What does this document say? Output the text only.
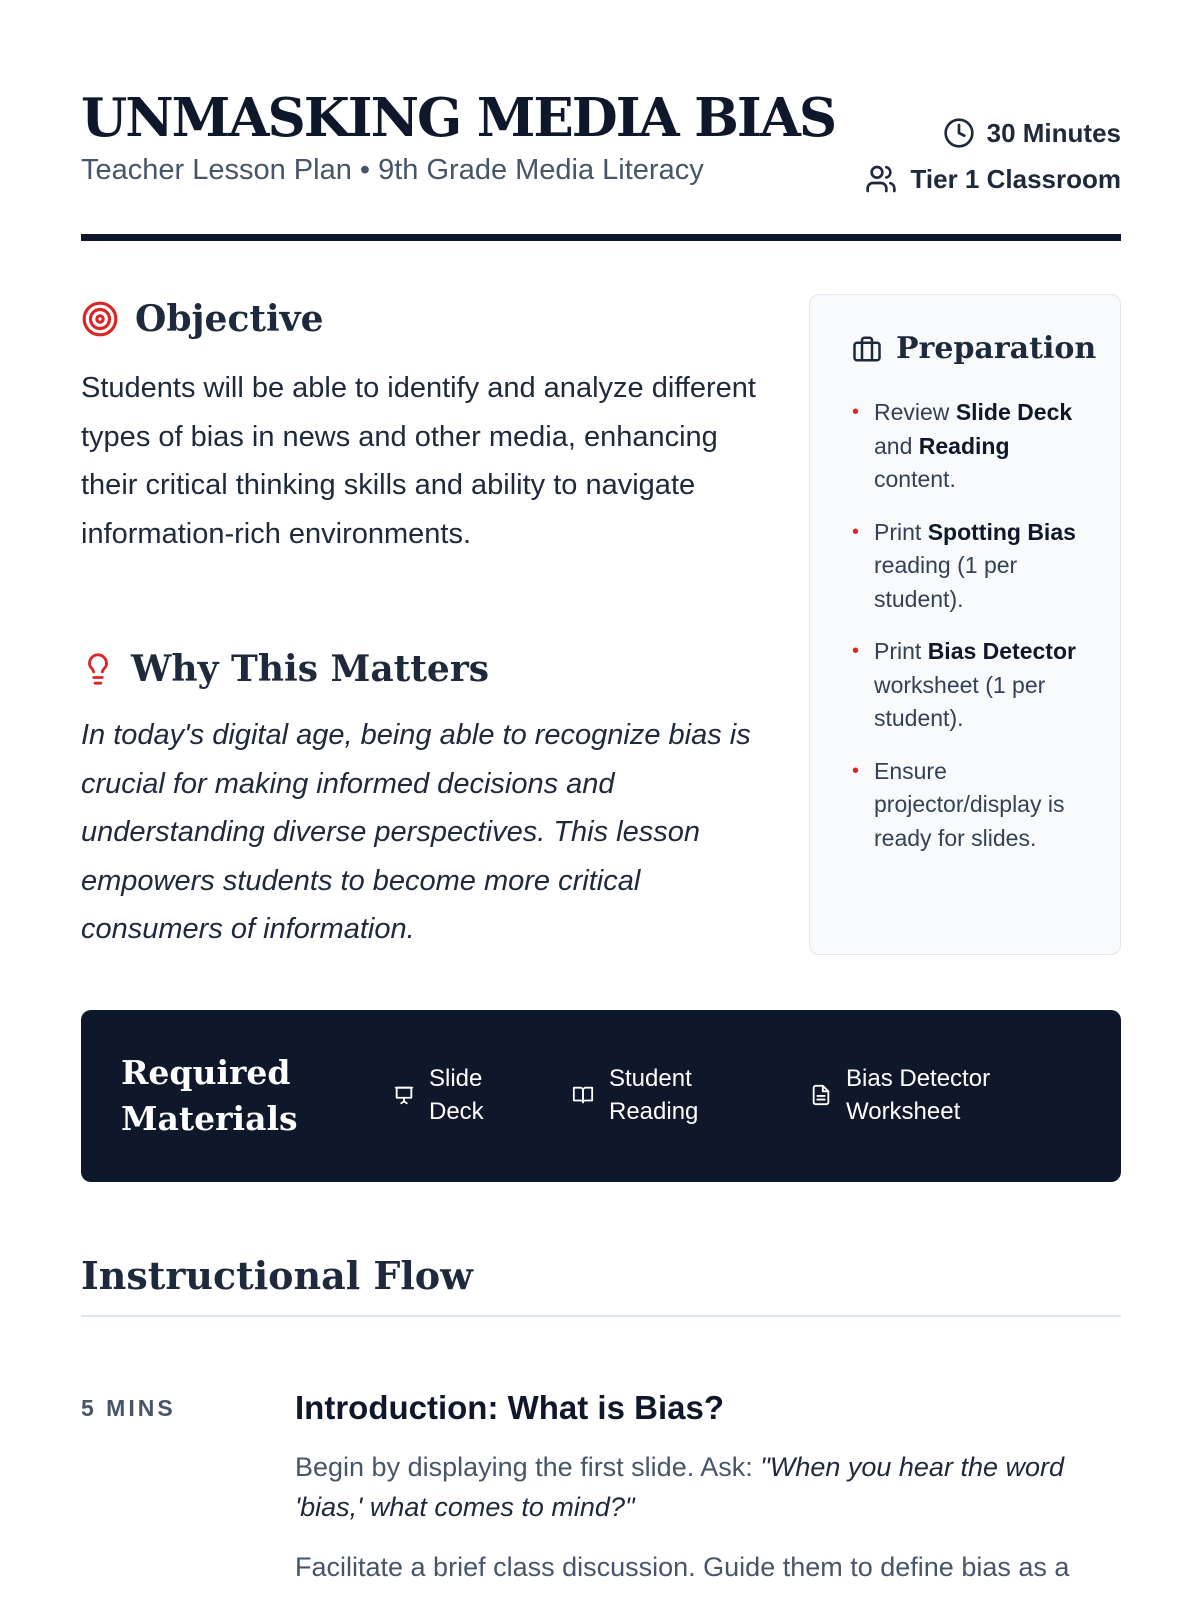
UNMASKING MEDIA BIAS
Teacher Lesson Plan • 9th Grade Media Literacy
30 Minutes
Tier 1 Classroom
Objective

Students will be able to identify and analyze different types of bias in news and other media, enhancing their critical thinking skills and ability to navigate information-rich environments.

Why This Matters

In today's digital age, being able to recognize bias is crucial for making informed decisions and understanding diverse perspectives. This lesson empowers students to become more critical consumers of information.

Preparation
• Review Slide Deck and Reading content.
• Print Spotting Bias reading (1 per student).
• Print Bias Detector worksheet (1 per student).
• Ensure projector/display is ready for slides.
Required
Materials
Slide
Deck
Student
Reading
Bias Detector
Worksheet
Instructional Flow
5 MINS	Introduction: What is Bias?

Begin by displaying the first slide. Ask: "When you hear the word 'bias,' what comes to mind?"

Facilitate a brief class discussion. Guide them to define bias as a
